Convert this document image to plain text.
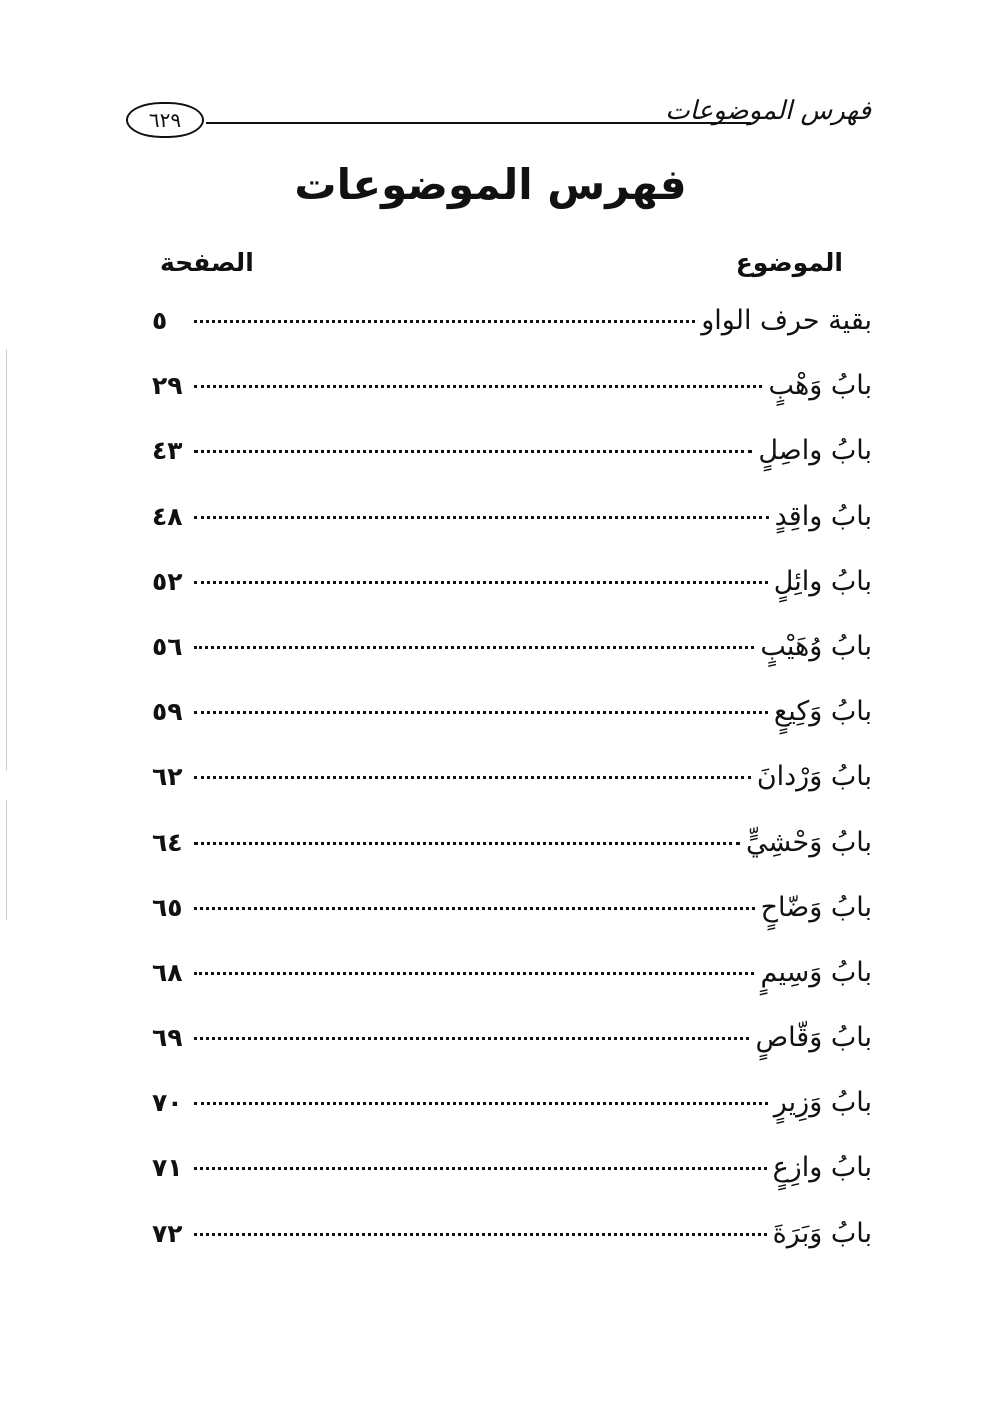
٦٢٩	فهرس الموضوعات
فهرس الموضوعات
الموضوع
الصفحة
بقية حرف الواو
٥
بابُ وَهْبٍ
٢٩
بابُ واصِلٍ
٤٣
بابُ واقِدٍ
٤٨
بابُ وائِلٍ
٥٢
بابُ وُهَيْبٍ
٥٦
بابُ وَكِيعٍ
٥٩
بابُ وَرْدانَ
٦٢
بابُ وَحْشِيٍّ
٦٤
بابُ وَضّاحٍ
٦٥
بابُ وَسِيمٍ
٦٨
بابُ وَقّاصٍ
٦٩
بابُ وَزِيرٍ
٧٠
بابُ وازِعٍ
٧١
بابُ وَبَرَةَ
٧٢
